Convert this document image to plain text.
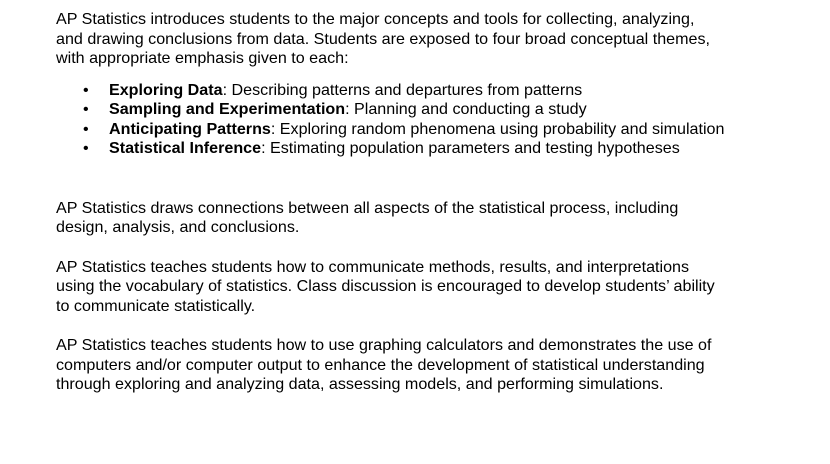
AP Statistics introduces students to the major concepts and tools for collecting, analyzing,
and drawing conclusions from data. Students are exposed to four broad conceptual themes,
with appropriate emphasis given to each:

• Exploring Data: Describing patterns and departures from patterns
• Sampling and Experimentation: Planning and conducting a study
• Anticipating Patterns: Exploring random phenomena using probability and simulation
• Statistical Inference: Estimating population parameters and testing hypotheses

AP Statistics draws connections between all aspects of the statistical process, including
design, analysis, and conclusions.

AP Statistics teaches students how to communicate methods, results, and interpretations
using the vocabulary of statistics. Class discussion is encouraged to develop students’ ability
to communicate statistically.

AP Statistics teaches students how to use graphing calculators and demonstrates the use of
computers and/or computer output to enhance the development of statistical understanding
through exploring and analyzing data, assessing models, and performing simulations.
